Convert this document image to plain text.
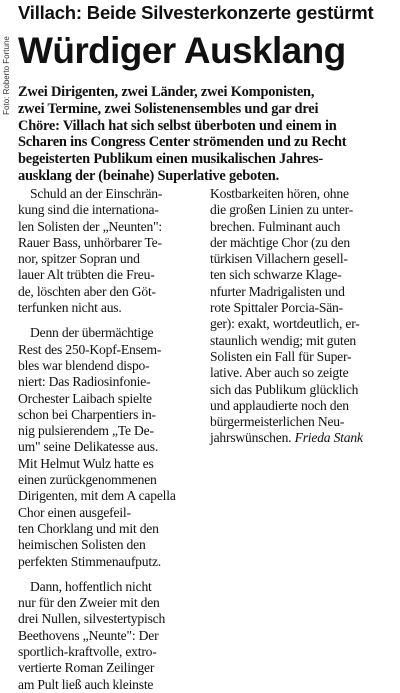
Foto: Roberto Fortune
Villach: Beide Silvesterkonzerte gestürmt
Würdiger Ausklang
Zwei Dirigenten, zwei Länder, zwei Komponisten,
zwei Termine, zwei Solistenensembles und gar drei
Chöre: Villach hat sich selbst überboten und einem in
Scharen ins Congress Center strömenden und zu Recht
begeisterten Publikum einen musikalischen Jahres-
ausklang der (beinahe) Superlative geboten.
Schuld an der Einschrän-
kung sind die internationa-
len Solisten der „Neunten":
Rauer Bass, unhörbarer Te-
nor, spitzer Sopran und
lauer Alt trübten die Freu-
de, löschten aber den Göt-
terfunken nicht aus.
Denn der übermächtige
Rest des 250-Kopf-Ensem-
bles war blendend dispo-
niert: Das Radiosinfonie-
Orchester Laibach spielte
schon bei Charpentiers in-
nig pulsierendem „Te De-
um" seine Delikatesse aus.
Mit Helmut Wulz hatte es
einen zurückgenommenen
Dirigenten, mit dem A capella
Chor einen ausgefeil-
ten Chorklang und mit den
heimischen Solisten den
perfekten Stimmenaufputz.
Dann, hoffentlich nicht
nur für den Zweier mit den
drei Nullen, silvestertypisch
Beethovens „Neunte": Der
sportlich-kraftvolle, extro-
vertierte Roman Zeilinger
am Pult ließ auch kleinste
Kostbarkeiten hören, ohne
die großen Linien zu unter-
brechen. Fulminant auch
der mächtige Chor (zu den
türkisen Villachern gesell-
ten sich schwarze Klage-
nfurter Madrigalisten und
rote Spittaler Porcia-Sän-
ger): exakt, wortdeutlich, er-
staunlich wendig; mit guten
Solisten ein Fall für Super-
lative. Aber auch so zeigte
sich das Publikum glücklich
und applaudierte noch den
bürgermeisterlichen Neu-
jahrswünschen. Frieda Stank
